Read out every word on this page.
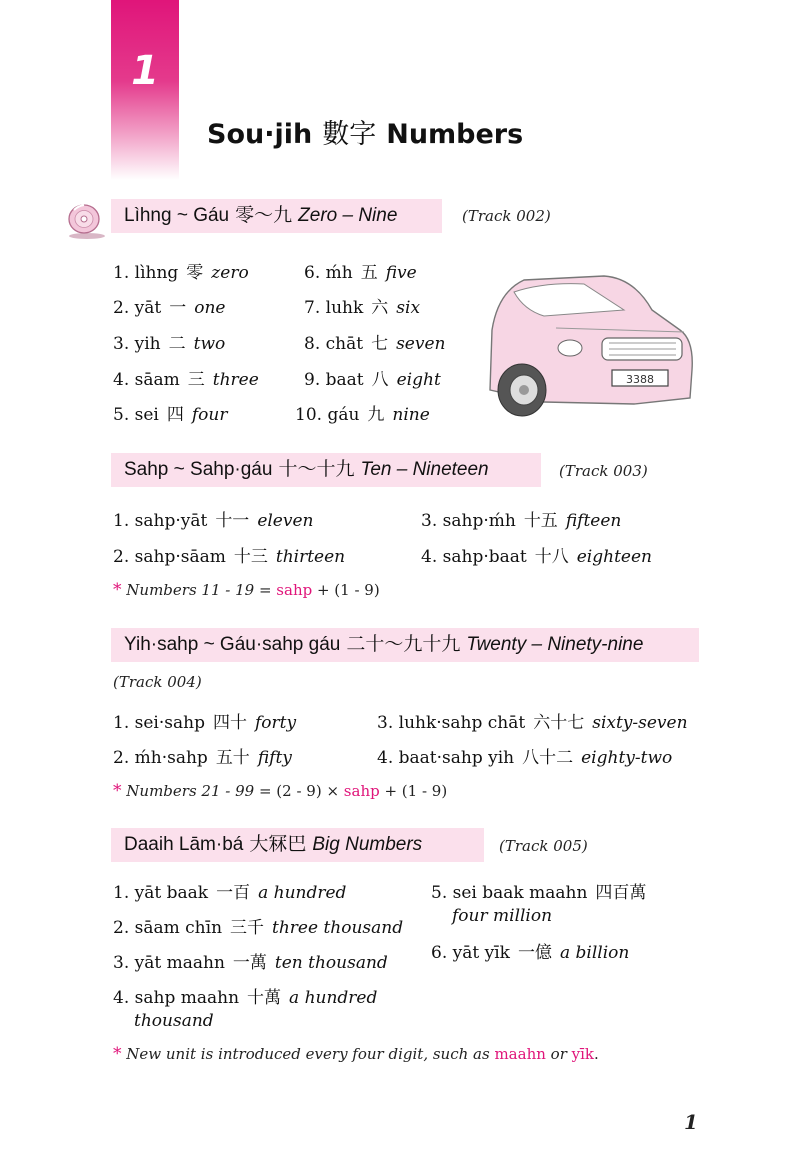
1
Sou·jih 數字 Numbers
Lìhng ~ Gáu 零～九 Zero – Nine	(Track 002)
1. lìhng 零 zero
2. yāt 一 one
3. yih 二 two
4. sāam 三 three
5. sei 四 four
6. ḿh 五 five
7. luhk 六 six
8. chāt 七 seven
9. baat 八 eight
10. gáu 九 nine
3388
Sahp ~ Sahp·gáu 十～十九 Ten – Nineteen	(Track 003)
1. sahp·yāt 十一 eleven
2. sahp·sāam 十三 thirteen
3. sahp·ḿh 十五 fifteen
4. sahp·baat 十八 eighteen
* Numbers 11 - 19 = sahp + (1 - 9)
Yih·sahp ~ Gáu·sahp gáu 二十～九十九 Twenty – Ninety-nine
(Track 004)
1. sei·sahp 四十 forty
2. ḿh·sahp 五十 fifty
3. luhk·sahp chāt 六十七 sixty-seven
4. baat·sahp yih 八十二 eighty-two
* Numbers 21 - 99 = (2 - 9) × sahp + (1 - 9)
Daaih Lām·bá 大冧巴 Big Numbers	(Track 005)
1. yāt baak 一百 a hundred
2. sāam chīn 三千 three thousand
3. yāt maahn 一萬 ten thousand
4. sahp maahn 十萬 a hundred
thousand
5. sei baak maahn 四百萬
four million
6. yāt yīk 一億 a billion
* New unit is introduced every four digit, such as maahn or yīk.
1
